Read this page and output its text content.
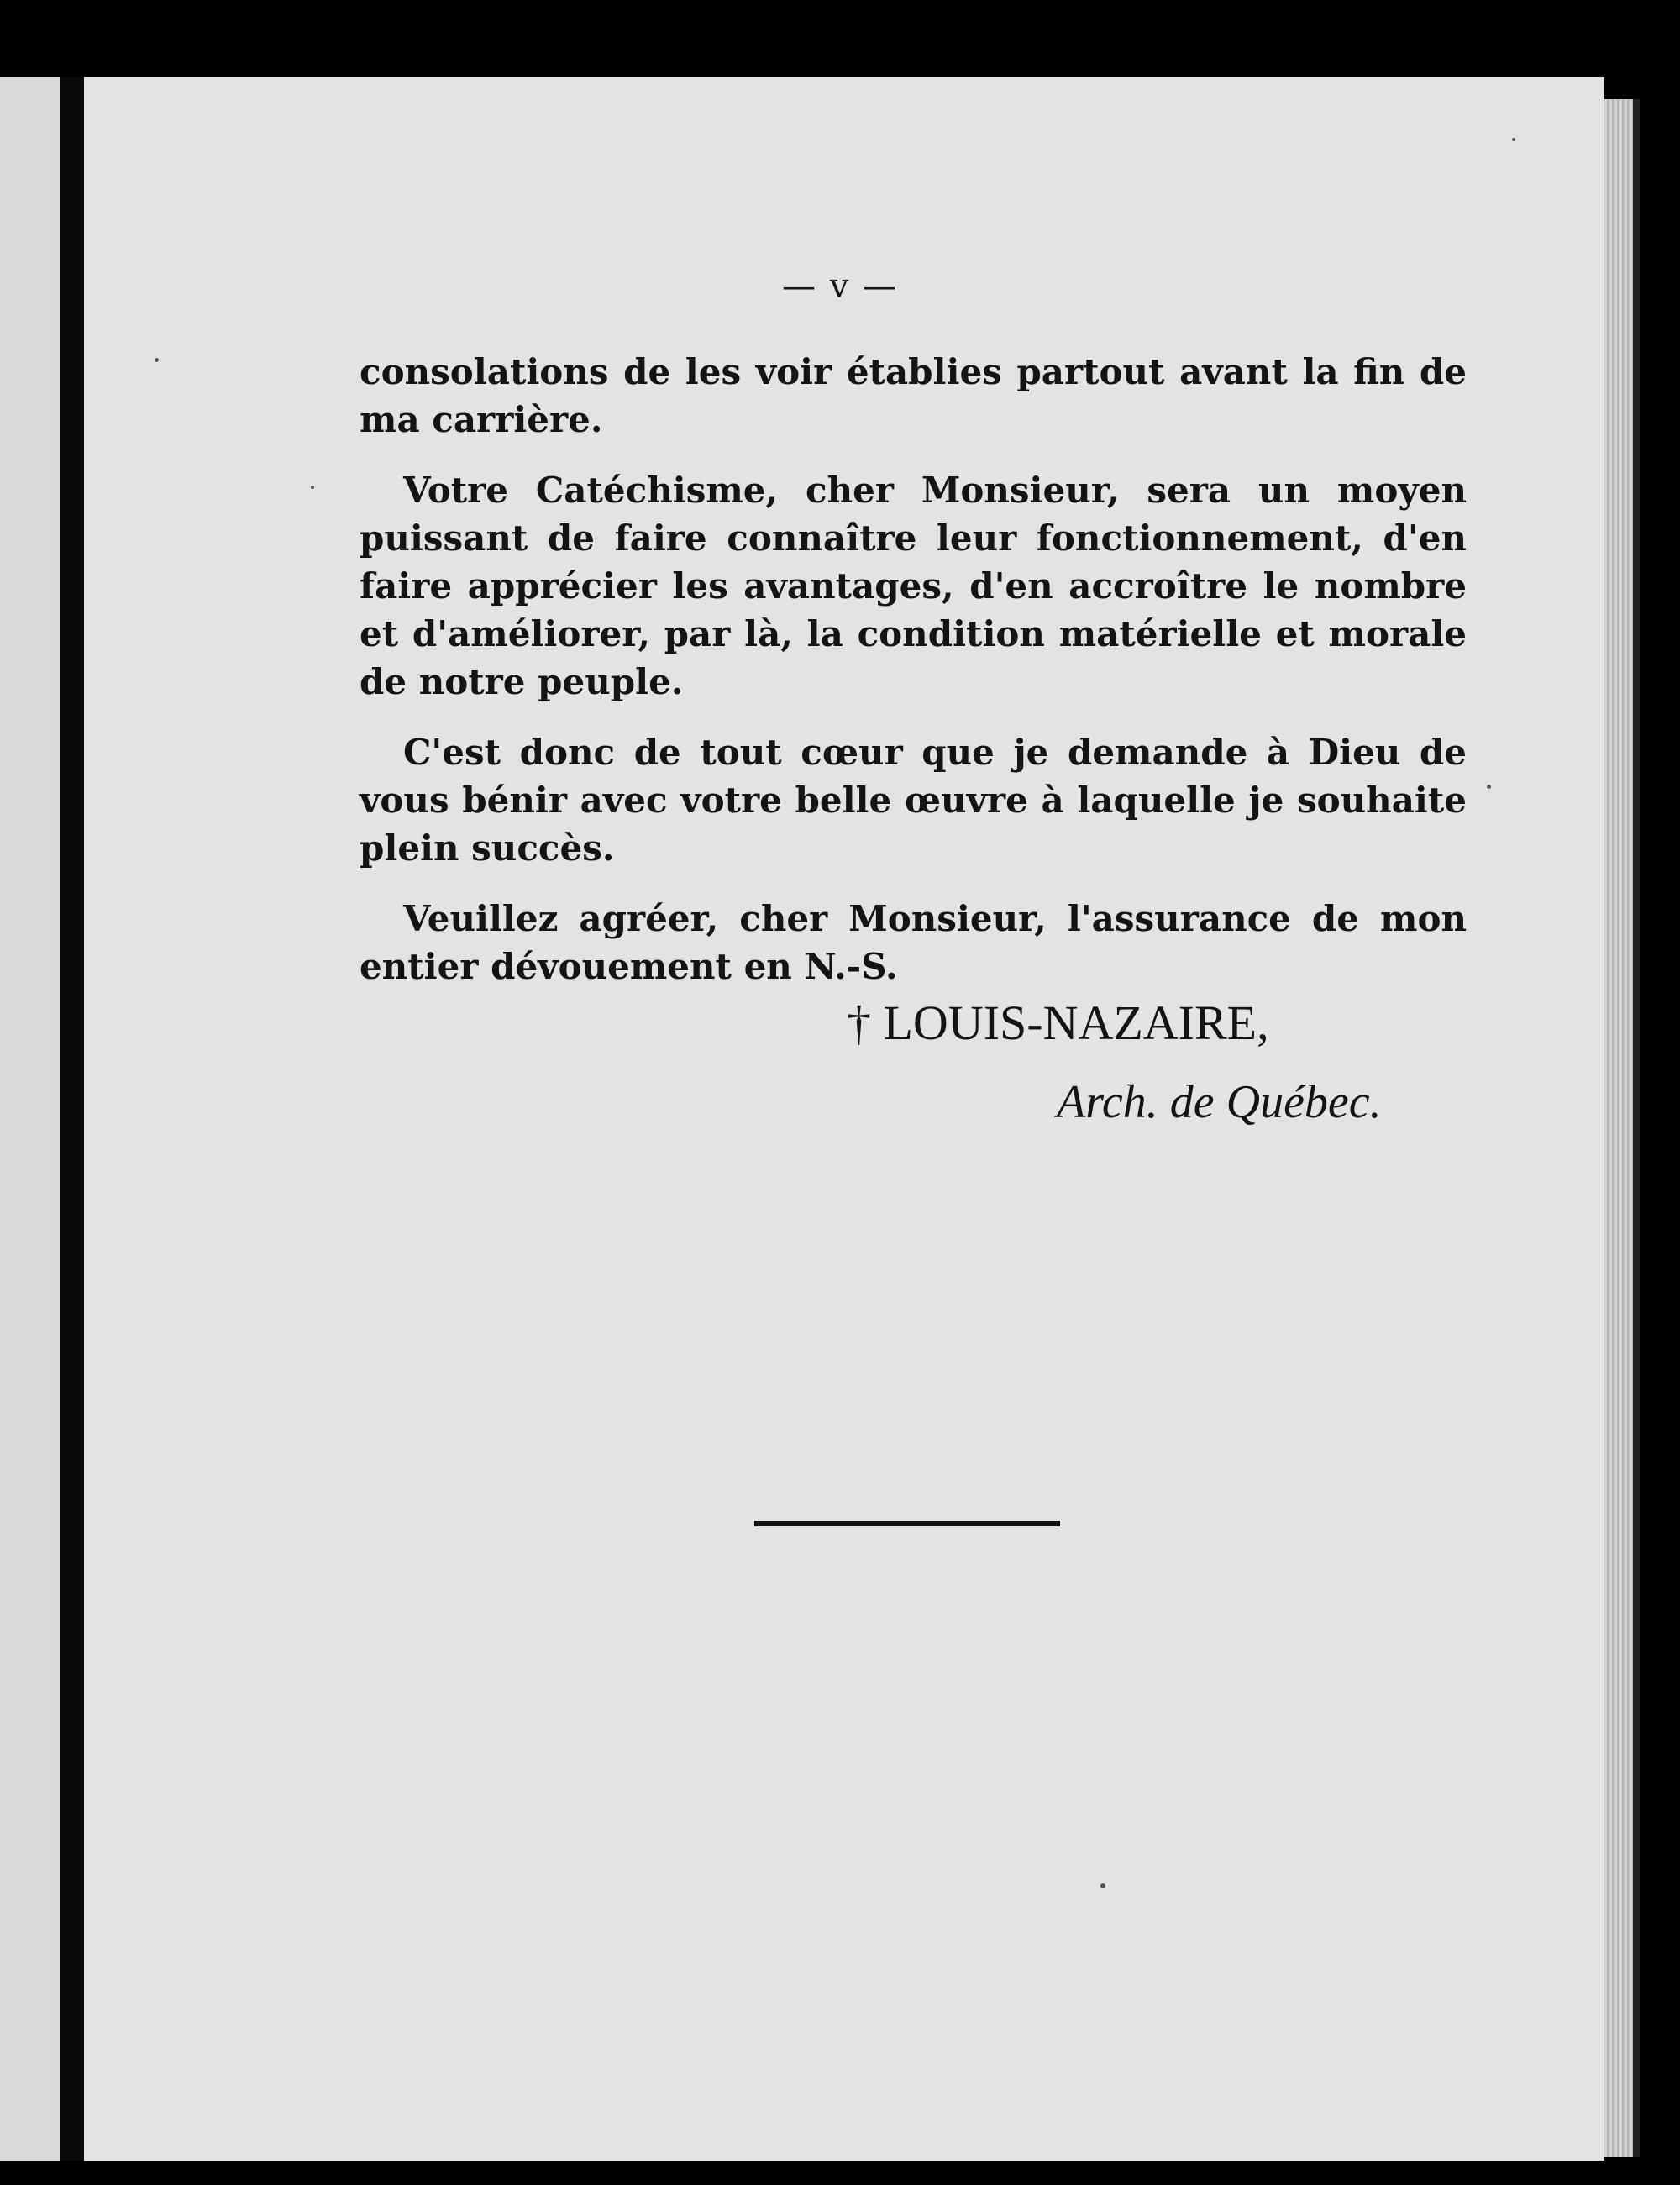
— v —

consolations de les voir établies partout avant la fin de ma carrière.

Votre Catéchisme, cher Monsieur, sera un moyen puissant de faire connaître leur fonctionnement, d'en faire apprécier les avantages, d'en accroître le nombre et d'améliorer, par là, la condition matérielle et morale de notre peuple.

C'est donc de tout cœur que je demande à Dieu de vous bénir avec votre belle œuvre à laquelle je souhaite plein succès.

Veuillez agréer, cher Monsieur, l'assurance de mon entier dévouement en N.-S.

† LOUIS-NAZAIRE,
Arch. de Québec.
